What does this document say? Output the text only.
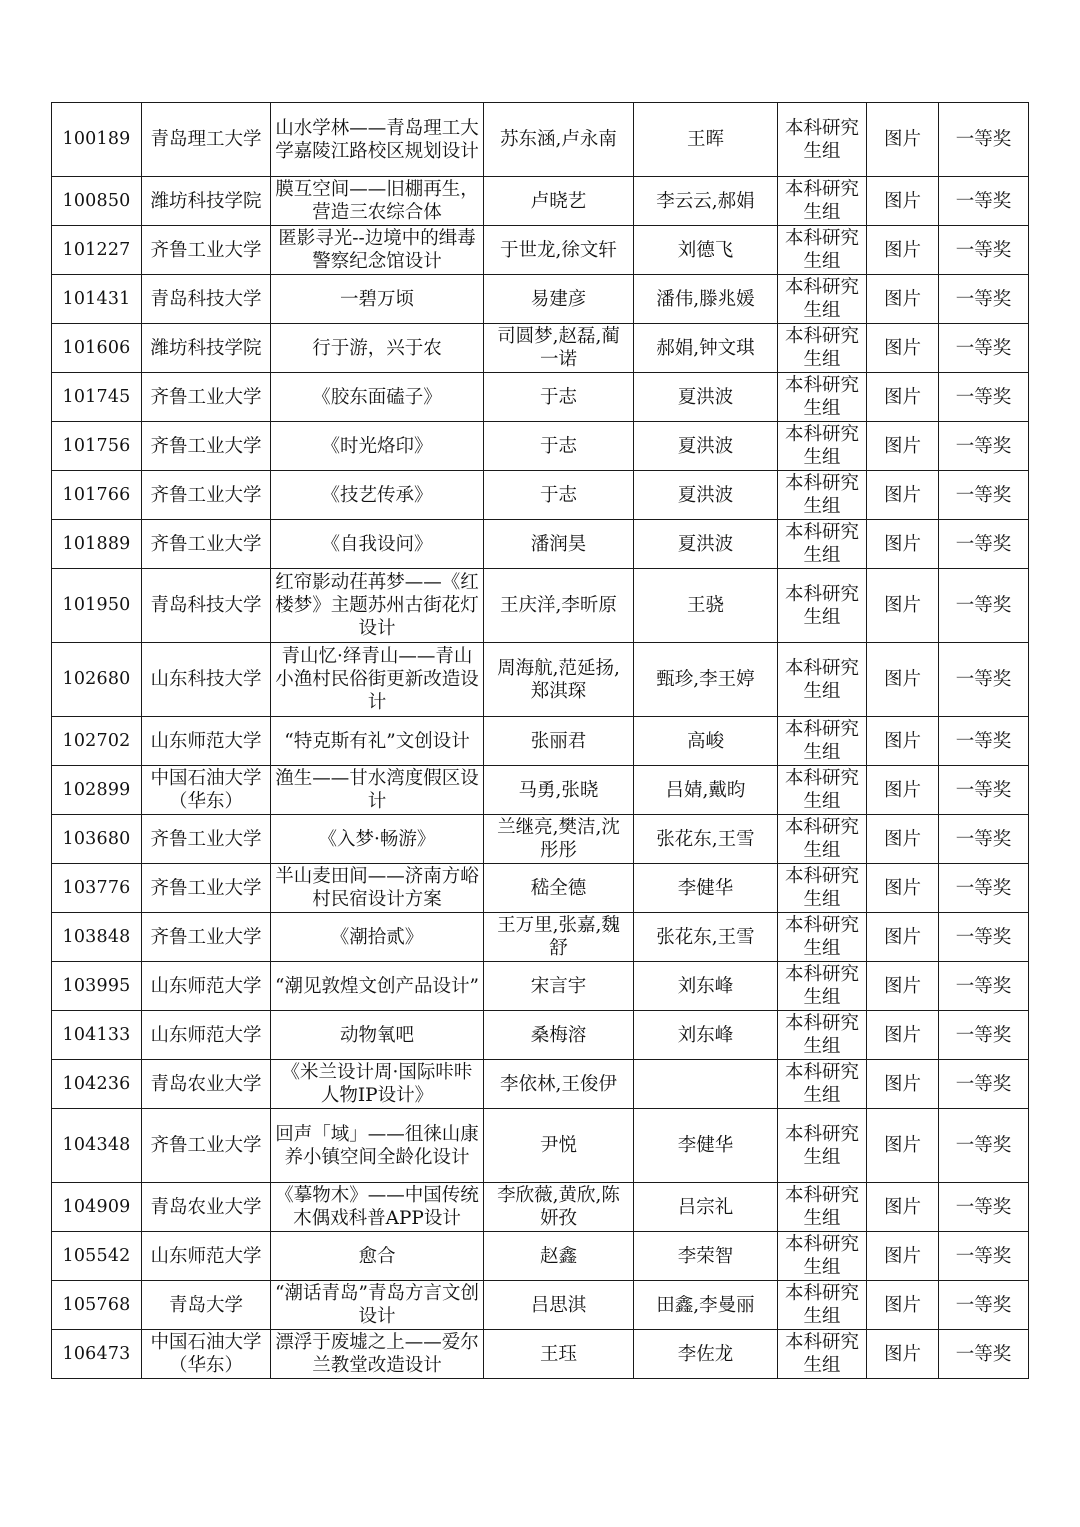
100189	青岛理工大学	山水学林——青岛理工大学嘉陵江路校区规划设计	苏东涵,卢永南	王晖	本科研究生组	图片	一等奖
100850	潍坊科技学院	膜互空间——旧棚再生，营造三农综合体	卢晓艺	李云云,郝娟	本科研究生组	图片	一等奖
101227	齐鲁工业大学	匿影寻光--边境中的缉毒警察纪念馆设计	于世龙,徐文轩	刘德飞	本科研究生组	图片	一等奖
101431	青岛科技大学	一碧万顷	易建彦	潘伟,滕兆媛	本科研究生组	图片	一等奖
101606	潍坊科技学院	行于游，兴于农	司圆梦,赵磊,蔺一诺	郝娟,钟文琪	本科研究生组	图片	一等奖
101745	齐鲁工业大学	《胶东面磕子》	于志	夏洪波	本科研究生组	图片	一等奖
101756	齐鲁工业大学	《时光烙印》	于志	夏洪波	本科研究生组	图片	一等奖
101766	齐鲁工业大学	《技艺传承》	于志	夏洪波	本科研究生组	图片	一等奖
101889	齐鲁工业大学	《自我设问》	潘润昊	夏洪波	本科研究生组	图片	一等奖
101950	青岛科技大学	红帘影动茌苒梦——《红楼梦》主题苏州古街花灯设计	王庆洋,李昕原	王骁	本科研究生组	图片	一等奖
102680	山东科技大学	青山忆·绎青山——青山小渔村民俗街更新改造设计	周海航,范延扬,郑淇琛	甄珍,李王婷	本科研究生组	图片	一等奖
102702	山东师范大学	“特克斯有礼”文创设计	张丽君	高峻	本科研究生组	图片	一等奖
102899	中国石油大学（华东）	渔生——甘水湾度假区设计	马勇,张晓	吕婧,戴昀	本科研究生组	图片	一等奖
103680	齐鲁工业大学	《入梦·畅游》	兰继亮,樊洁,沈彤彤	张花东,王雪	本科研究生组	图片	一等奖
103776	齐鲁工业大学	半山麦田间——济南方峪村民宿设计方案	嵇全德	李健华	本科研究生组	图片	一等奖
103848	齐鲁工业大学	《潮拾贰》	王万里,张嘉,魏舒	张花东,王雪	本科研究生组	图片	一等奖
103995	山东师范大学	“潮见敦煌文创产品设计”	宋言宇	刘东峰	本科研究生组	图片	一等奖
104133	山东师范大学	动物氧吧	桑梅溶	刘东峰	本科研究生组	图片	一等奖
104236	青岛农业大学	《米兰设计周·国际咔咔人物IP设计》	李依林,王俊伊		本科研究生组	图片	一等奖
104348	齐鲁工业大学	回声「域」——徂徕山康养小镇空间全龄化设计	尹悦	李健华	本科研究生组	图片	一等奖
104909	青岛农业大学	《摹物木》——中国传统木偶戏科普APP设计	李欣薇,黄欣,陈妍孜	吕宗礼	本科研究生组	图片	一等奖
105542	山东师范大学	愈合	赵鑫	李荣智	本科研究生组	图片	一等奖
105768	青岛大学	“潮话青岛”青岛方言文创设计	吕思淇	田鑫,李曼丽	本科研究生组	图片	一等奖
106473	中国石油大学（华东）	漂浮于废墟之上——爱尔兰教堂改造设计	王珏	李佐龙	本科研究生组	图片	一等奖
